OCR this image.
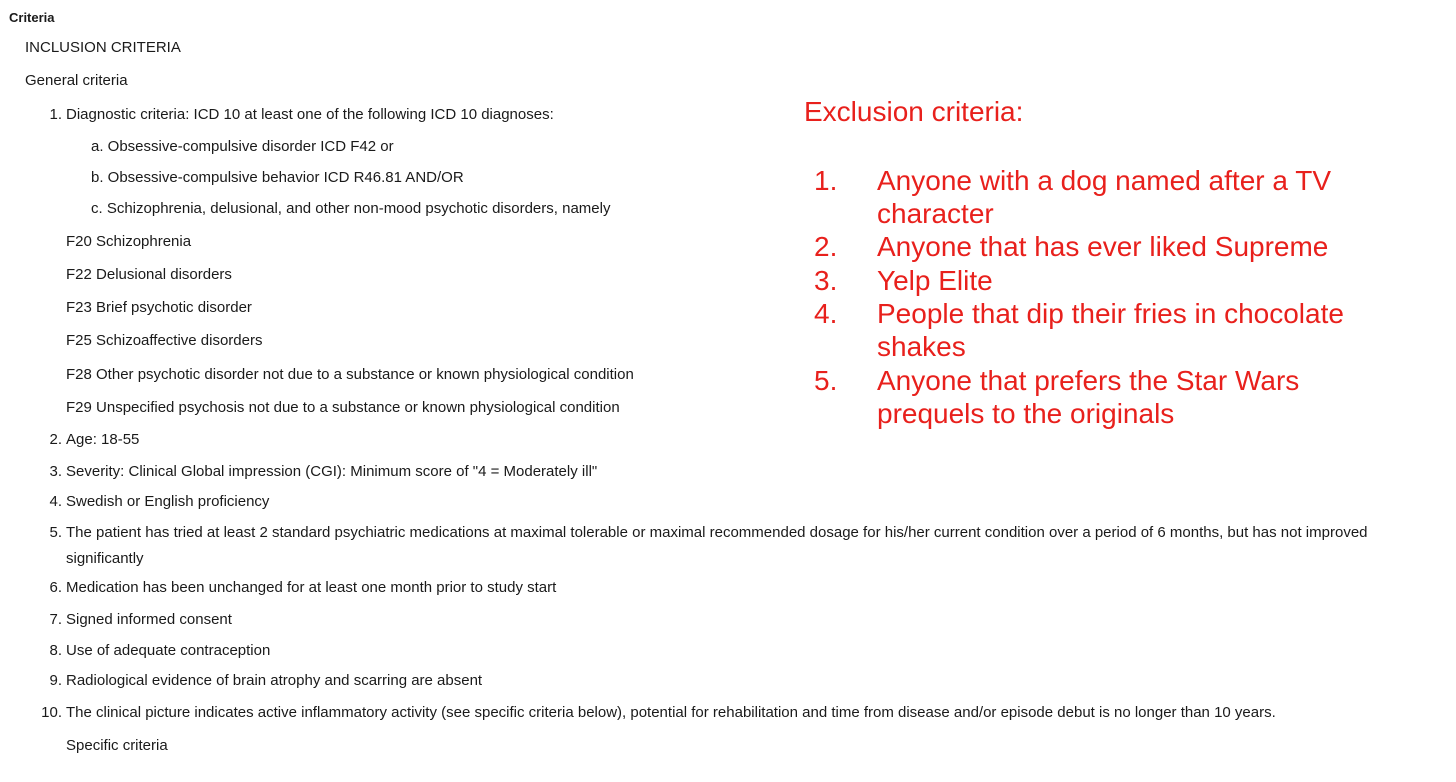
Criteria
INCLUSION CRITERIA
General criteria
1. Diagnostic criteria: ICD 10 at least one of the following ICD 10 diagnoses:
a. Obsessive-compulsive disorder ICD F42 or
b. Obsessive-compulsive behavior ICD R46.81 AND/OR
c. Schizophrenia, delusional, and other non-mood psychotic disorders, namely
F20 Schizophrenia
F22 Delusional disorders
F23 Brief psychotic disorder
F25 Schizoaffective disorders
F28 Other psychotic disorder not due to a substance or known physiological condition
F29 Unspecified psychosis not due to a substance or known physiological condition
2. Age: 18-55
3. Severity: Clinical Global impression (CGI): Minimum score of "4 = Moderately ill"
4. Swedish or English proficiency
5. The patient has tried at least 2 standard psychiatric medications at maximal tolerable or maximal recommended dosage for his/her current condition over a period of 6 months, but has not improved
significantly
6. Medication has been unchanged for at least one month prior to study start
7. Signed informed consent
8. Use of adequate contraception
9. Radiological evidence of brain atrophy and scarring are absent
10. The clinical picture indicates active inflammatory activity (see specific criteria below), potential for rehabilitation and time from disease and/or episode debut is no longer than 10 years.
Specific criteria
Exclusion criteria:
1.	Anyone with a dog named after a TV character
2.	Anyone that has ever liked Supreme
3.	Yelp Elite
4.	People that dip their fries in chocolate shakes
5.	Anyone that prefers the Star Wars prequels to the originals
